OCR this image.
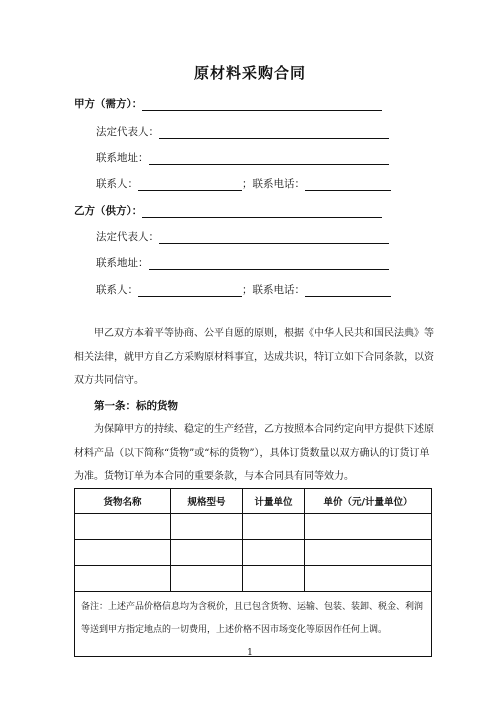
原材料采购合同
甲方（需方）：
法定代表人：
联系地址：
联系人：	；联系电话：
乙方（供方）：
法定代表人：
联系地址：
联系人：	；联系电话：
甲乙双方本着平等协商、公平自愿的原则，根据《中华人民共和国民法典》等相关法律，就甲方自乙方采购原材料事宜，达成共识，特订立如下合同条款，以资双方共同信守。
第一条：标的货物
为保障甲方的持续、稳定的生产经营，乙方按照本合同约定向甲方提供下述原材料产品（以下简称“货物”或“标的货物”），具体订货数量以双方确认的订货订单为准。货物订单为本合同的重要条款，与本合同具有同等效力。
货物名称	规格型号	计量单位	单价（元/计量单位）

备注：上述产品价格信息均为含税价，且已包含货物、运输、包装、装卸、税金、利润等送到甲方指定地点的一切费用，上述价格不因市场变化等原因作任何上调。			
1
